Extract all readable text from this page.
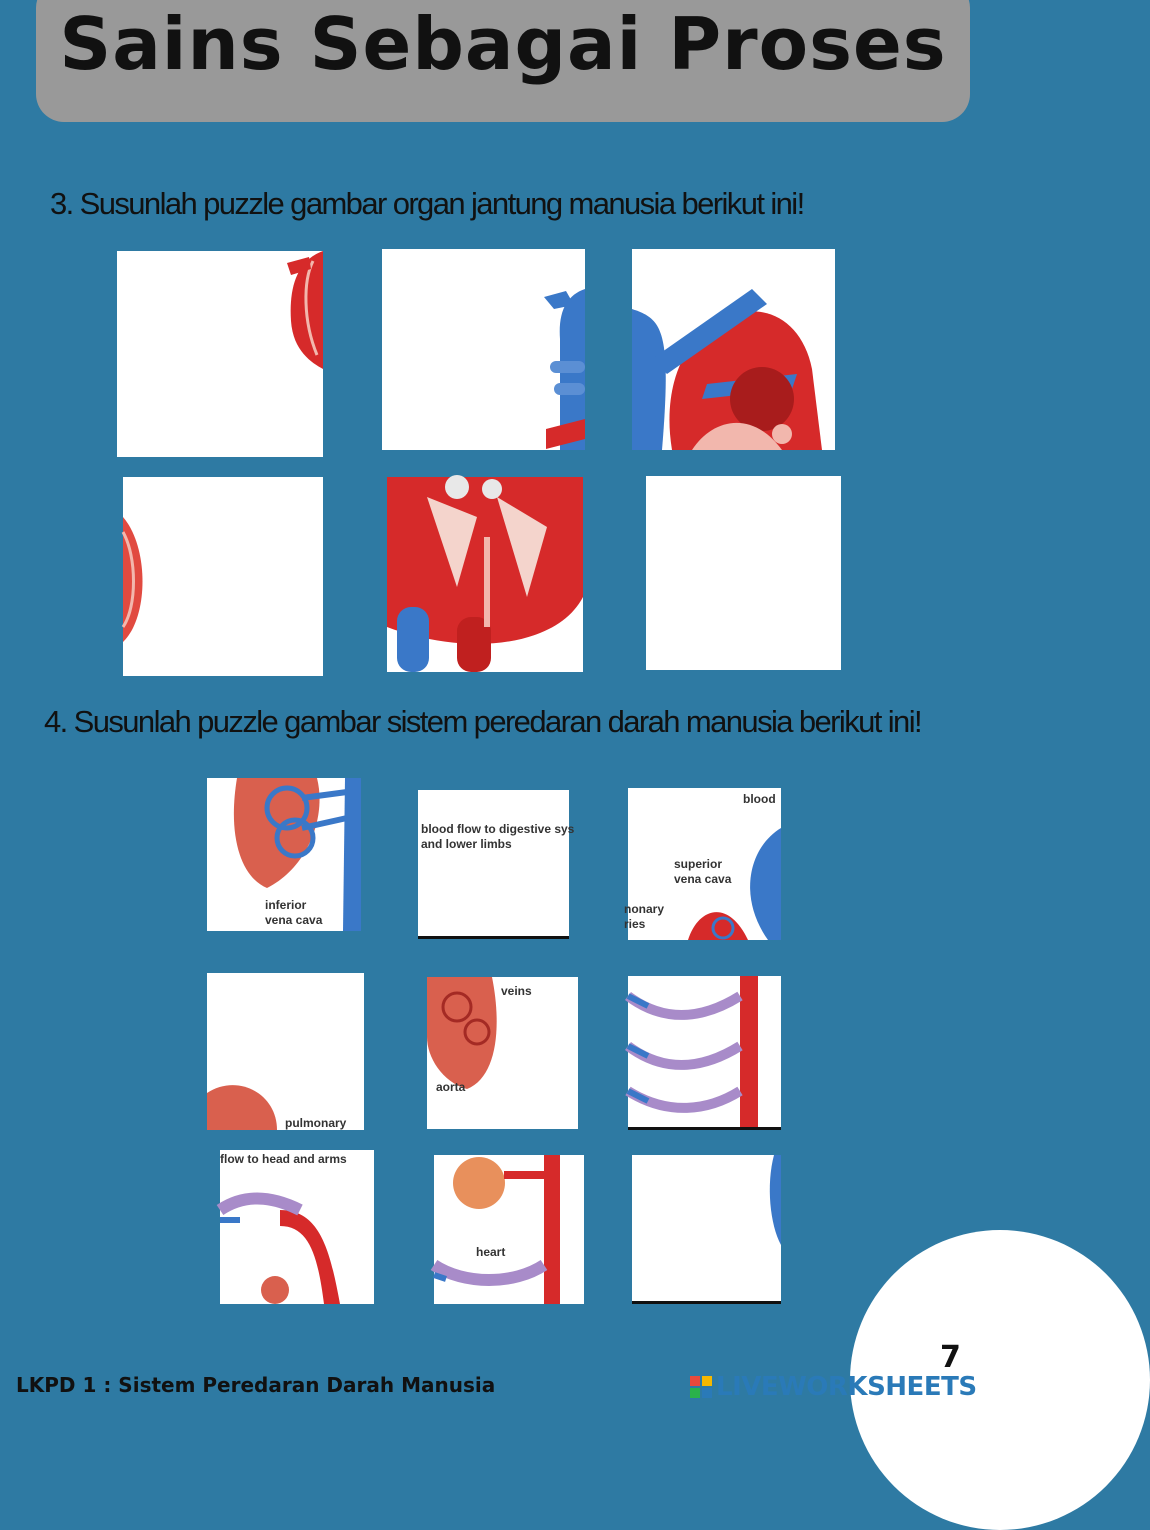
Sains Sebagai Proses
3. Susunlah puzzle gambar organ jantung manusia berikut ini!
4. Susunlah puzzle gambar sistem peredaran darah manusia berikut ini!
inferior
vena cava
blood flow to digestive sys
and lower limbs
blood
superior
vena cava
nonary
ries
pulmonary
veins
aorta
flow to head and arms
heart
7
LKPD 1 : Sistem Peredaran Darah Manusia	LIVEWORKSHEETS
